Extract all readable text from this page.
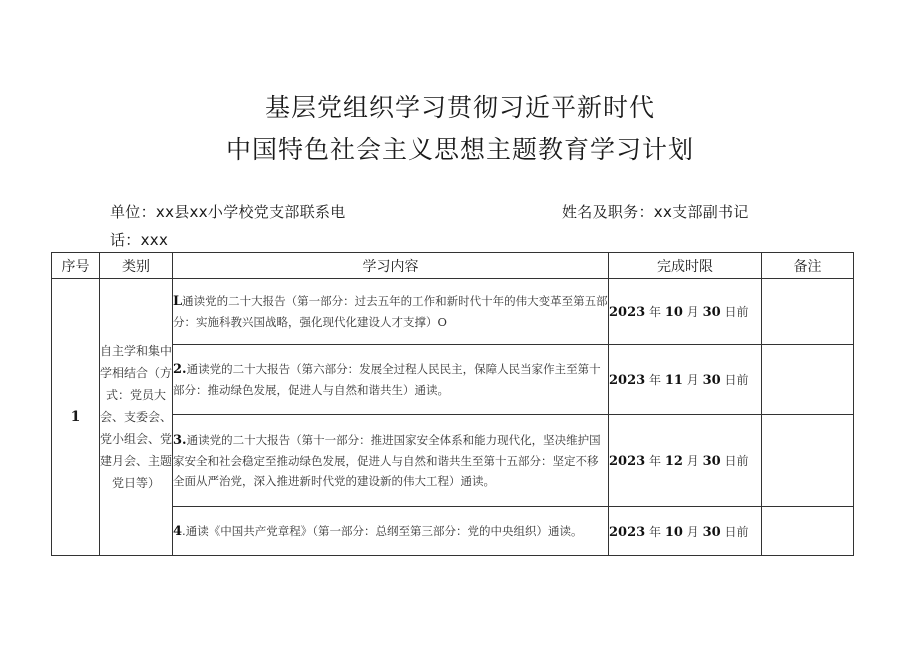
基层党组织学习贯彻习近平新时代
中国特色社会主义思想主题教育学习计划
单位：xx县xx小学校党支部联系电
话：xxx
姓名及职务：xx支部副书记
序号	类别	学习内容	完成时限	备注
1	自主学和集中学相结合（方式：党员大会、支委会、党小组会、党建月会、主题党日等）	L通读党的二十大报告（第一部分：过去五年的工作和新时代十年的伟大变革至第五部分：实施科教兴国战略，强化现代化建设人才支撑）O	2023 年 10 月 30 日前	
		2.通读党的二十大报告（第六部分：发展全过程人民民主，保障人民当家作主至第十部分：推动绿色发展，促进人与自然和谐共生）通读。	2023 年 11 月 30 日前	
		3.通读党的二十大报告（第十一部分：推进国家安全体系和能力现代化，坚决维护国家安全和社会稳定至推动绿色发展，促进人与自然和谐共生至第十五部分：坚定不移全面从严治党，深入推进新时代党的建设新的伟大工程）通读。	2023 年 12 月 30 日前	
		4.通读《中国共产党章程》（第一部分：总纲至第三部分：党的中央组织）通读。	2023 年 10 月 30 日前	
